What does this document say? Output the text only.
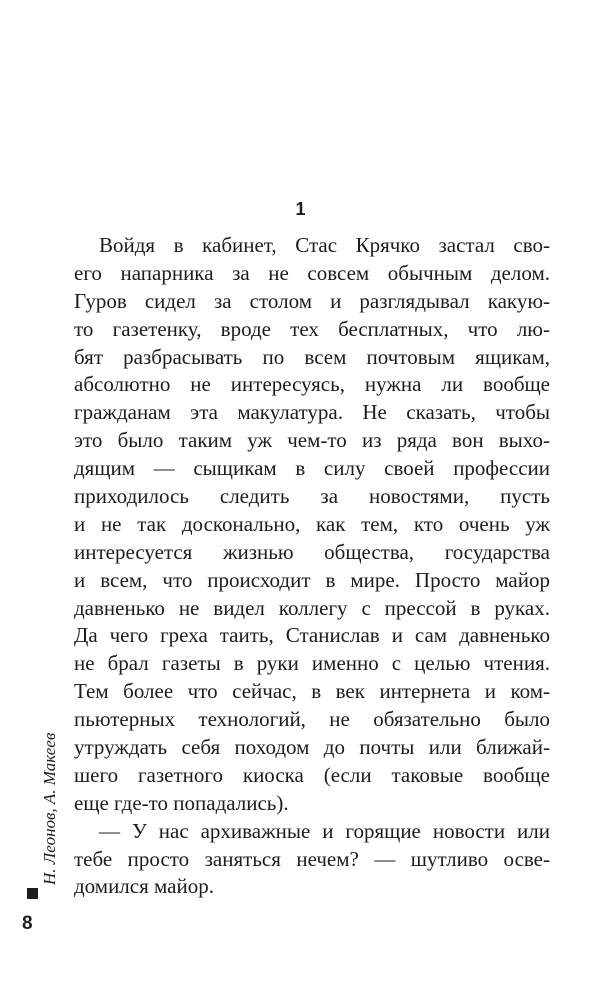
1
Войдя в кабинет, Стас Крячко застал сво-
его напарника за не совсем обычным делом.
Гуров сидел за столом и разглядывал какую-
то газетенку, вроде тех бесплатных, что лю-
бят разбрасывать по всем почтовым ящикам,
абсолютно не интересуясь, нужна ли вообще
гражданам эта макулатура. Не сказать, чтобы
это было таким уж чем-то из ряда вон выхо-
дящим — сыщикам в силу своей профессии
приходилось следить за новостями, пусть
и не так досконально, как тем, кто очень уж
интересуется жизнью общества, государства
и всем, что происходит в мире. Просто майор
давненько не видел коллегу с прессой в руках.
Да чего греха таить, Станислав и сам давненько
не брал газеты в руки именно с целью чтения.
Тем более что сейчас, в век интернета и ком-
пьютерных технологий, не обязательно было
утруждать себя походом до почты или ближай-
шего газетного киоска (если таковые вообще
еще где-то попадались).
— У нас архиважные и горящие новости или
тебе просто заняться нечем? — шутливо осве-
домился майор.
Н. Леонов, А. Макеев
8
